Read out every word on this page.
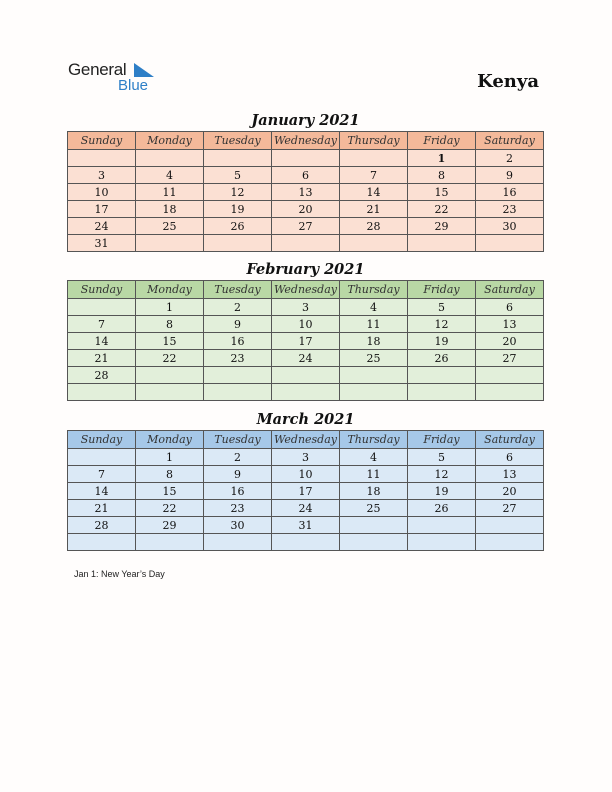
General
Blue	Kenya
January 2021
Sunday	Monday	Tuesday	Wednesday	Thursday	Friday	Saturday
					1	2
3	4	5	6	7	8	9
10	11	12	13	14	15	16
17	18	19	20	21	22	23
24	25	26	27	28	29	30
31						
February 2021
Sunday	Monday	Tuesday	Wednesday	Thursday	Friday	Saturday
	1	2	3	4	5	6
7	8	9	10	11	12	13
14	15	16	17	18	19	20
21	22	23	24	25	26	27
28						

March 2021
Sunday	Monday	Tuesday	Wednesday	Thursday	Friday	Saturday
	1	2	3	4	5	6
7	8	9	10	11	12	13
14	15	16	17	18	19	20
21	22	23	24	25	26	27
28	29	30	31			

Jan 1: New Year’s Day
